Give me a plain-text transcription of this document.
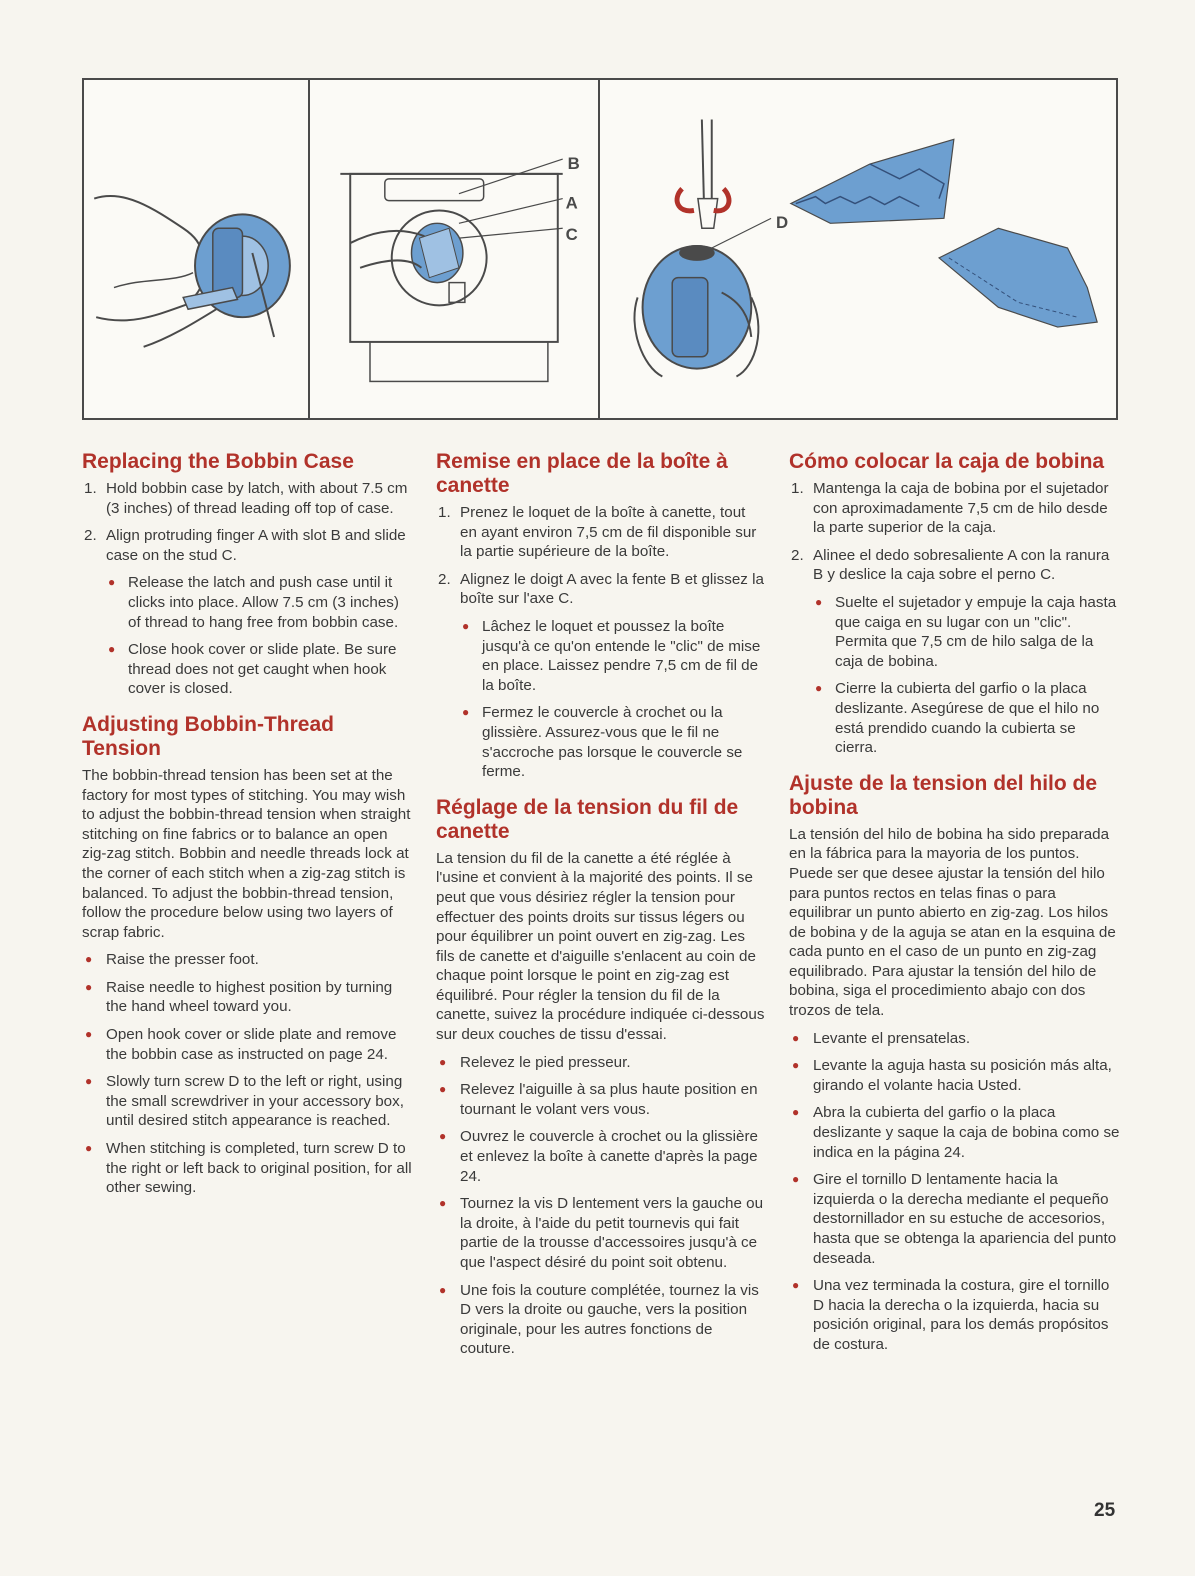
B
A
C
D
Replacing the Bobbin Case
1. Hold bobbin case by latch, with about 7.5 cm (3 inches) of thread leading off top of case.
2. Align protruding finger A with slot B and slide case on the stud C.
● Release the latch and push case until it clicks into place. Allow 7.5 cm (3 inches) of thread to hang free from bobbin case.
● Close hook cover or slide plate. Be sure thread does not get caught when hook cover is closed.
Adjusting Bobbin-Thread Tension

The bobbin-thread tension has been set at the factory for most types of stitching. You may wish to adjust the bobbin-thread tension when straight stitching on fine fabrics or to balance an open zig-zag stitch. Bobbin and needle threads lock at the corner of each stitch when a zig-zag stitch is balanced. To adjust the bobbin-thread tension, follow the procedure below using two layers of scrap fabric.

● Raise the presser foot.
● Raise needle to highest position by turning the hand wheel toward you.
● Open hook cover or slide plate and remove the bobbin case as instructed on page 24.
● Slowly turn screw D to the left or right, using the small screwdriver in your accessory box, until desired stitch appearance is reached.
● When stitching is completed, turn screw D to the right or left back to original position, for all other sewing.
Remise en place de la boîte à canette
1. Prenez le loquet de la boîte à canette, tout en ayant environ 7,5 cm de fil disponible sur la partie supérieure de la boîte.
2. Alignez le doigt A avec la fente B et glissez la boîte sur l'axe C.
● Lâchez le loquet et poussez la boîte jusqu'à ce qu'on entende le "clic" de mise en place. Laissez pendre 7,5 cm de fil de la boîte.
● Fermez le couvercle à crochet ou la glissière. Assurez-vous que le fil ne s'accroche pas lorsque le couvercle se ferme.
Réglage de la tension du fil de canette

La tension du fil de la canette a été réglée à l'usine et convient à la majorité des points. Il se peut que vous désiriez régler la tension pour effectuer des points droits sur tissus légers ou pour équilibrer un point ouvert en zig-zag. Les fils de canette et d'aiguille s'enlacent au coin de chaque point lorsque le point en zig-zag est équilibré. Pour régler la tension du fil de la canette, suivez la procédure indiquée ci-dessous sur deux couches de tissu d'essai.

● Relevez le pied presseur.
● Relevez l'aiguille à sa plus haute position en tournant le volant vers vous.
● Ouvrez le couvercle à crochet ou la glissière et enlevez la boîte à canette d'après la page 24.
● Tournez la vis D lentement vers la gauche ou la droite, à l'aide du petit tournevis qui fait partie de la trousse d'accessoires jusqu'à ce que l'aspect désiré du point soit obtenu.
● Une fois la couture complétée, tournez la vis D vers la droite ou gauche, vers la position originale, pour les autres fonctions de couture.
Cómo colocar la caja de bobina
1. Mantenga la caja de bobina por el sujetador con aproximadamente 7,5 cm de hilo desde la parte superior de la caja.
2. Alinee el dedo sobresaliente A con la ranura B y deslice la caja sobre el perno C.
● Suelte el sujetador y empuje la caja hasta que caiga en su lugar con un "clic". Permita que 7,5 cm de hilo salga de la caja de bobina.
● Cierre la cubierta del garfio o la placa deslizante. Asegúrese de que el hilo no está prendido cuando la cubierta se cierra.
Ajuste de la tension del hilo de bobina

La tensión del hilo de bobina ha sido preparada en la fábrica para la mayoria de los puntos. Puede ser que desee ajustar la tensión del hilo para puntos rectos en telas finas o para equilibrar un punto abierto en zig-zag. Los hilos de bobina y de la aguja se atan en la esquina de cada punto en el caso de un punto en zig-zag equilibrado. Para ajustar la tensión del hilo de bobina, siga el procedimiento abajo con dos trozos de tela.

● Levante el prensatelas.
● Levante la aguja hasta su posición más alta, girando el volante hacia Usted.
● Abra la cubierta del garfio o la placa deslizante y saque la caja de bobina como se indica en la página 24.
● Gire el tornillo D lentamente hacia la izquierda o la derecha mediante el pequeño destornillador en su estuche de accesorios, hasta que se obtenga la apariencia del punto deseada.
● Una vez terminada la costura, gire el tornillo D hacia la derecha o la izquierda, hacia su posición original, para los demás propósitos de costura.
25
